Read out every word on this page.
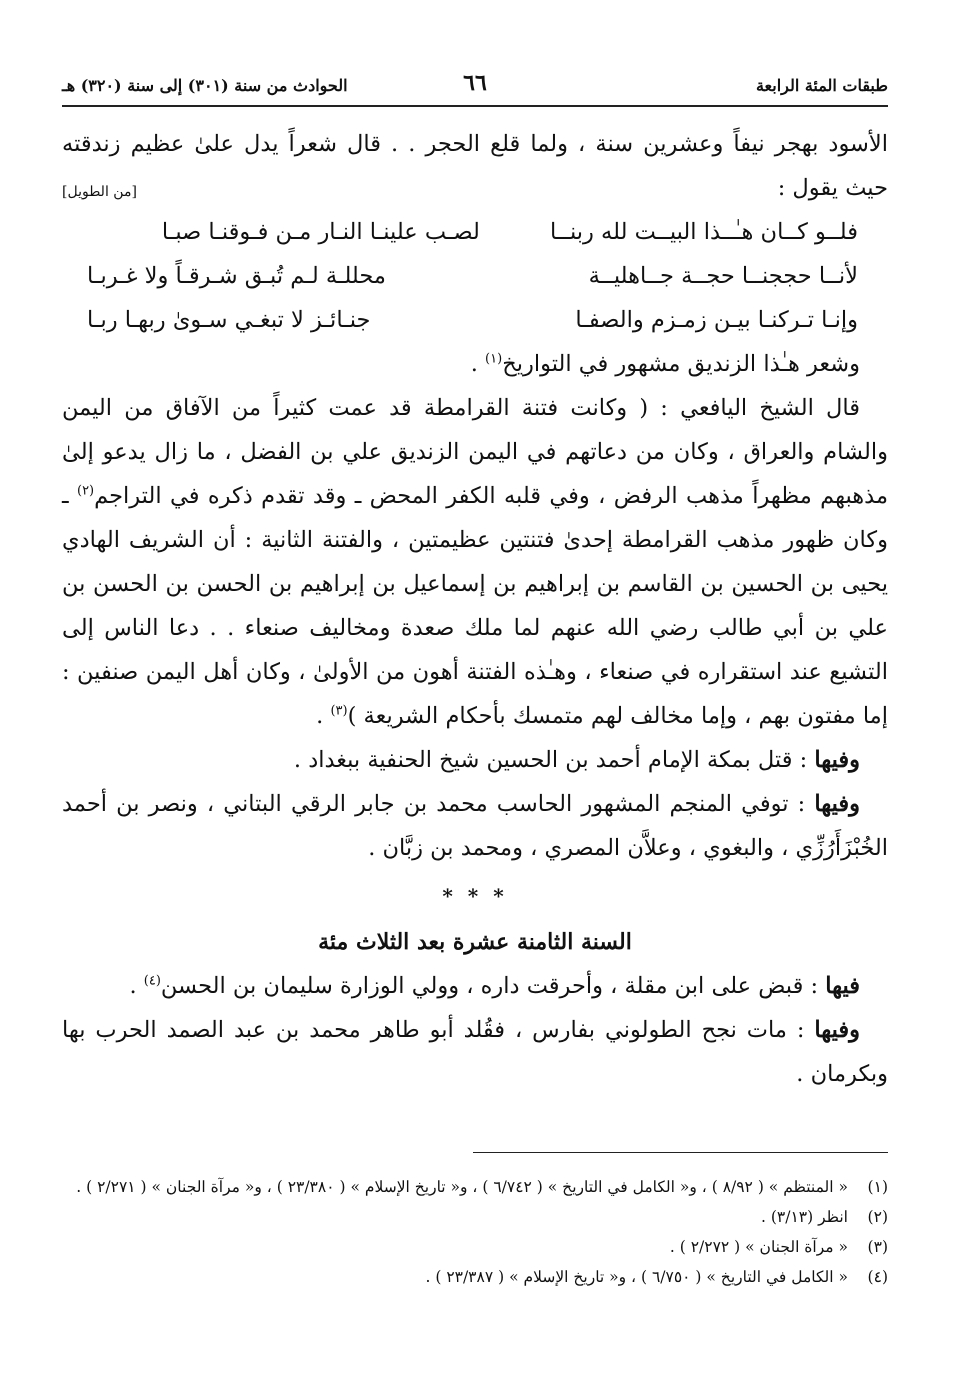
طبقات المئة الرابعة
٦٦
الحوادث من سنة (٣٠١) إلى سنة (٣٢٠) هـ

الأسود بهجر نيفاً وعشرين سنة ، ولما قلع الحجر . . قال شعراً يدل علىٰ عظيم زندقته حيث يقول :
[من الطويل]

فلــو كــان هـٰــذا البيــت لله ربنــا
لصـب علينـا النـار مـن فـوقنـا صبـا
لأنــا حججنــا حجــة جــاهليــة
محللـة لـم تُبـق شـرقـاً ولا غـربـا
وإنـا تـركنـا بيـن زمـزم والصفـا
جنـائـز لا تبغـي سـوىٰ ربهـا ربـا

وشعر هـٰذا الزنديق مشهور في التواريخ$^{(١)}$ .

قال الشيخ اليافعي : ( وكانت فتنة القرامطة قد عمت كثيراً من الآفاق من اليمن والشام والعراق ، وكان من دعاتهم في اليمن الزنديق علي بن الفضل ، ما زال يدعو إلىٰ مذهبهم مظهراً مذهب الرفض ، وفي قلبه الكفر المحض ـ وقد تقدم ذكره في التراجم$^{(٢)}$ ـ وكان ظهور مذهب القرامطة إحدىٰ فتنتين عظيمتين ، والفتنة الثانية : أن الشريف الهادي يحيى بن الحسين بن القاسم بن إبراهيم بن إسماعيل بن إبراهيم بن الحسن بن الحسن بن علي بن أبي طالب رضي الله عنهم لما ملك صعدة ومخاليف صنعاء . . دعا الناس إلى التشيع عند استقراره في صنعاء ، وهـٰذه الفتنة أهون من الأولىٰ ، وكان أهل اليمن صنفين : إما مفتون بهم ، وإما مخالف لهم متمسك بأحكام الشريعة )$^{(٣)}$ .

وفيها : قتل بمكة الإمام أحمد بن الحسين شيخ الحنفية ببغداد .

وفيها : توفي المنجم المشهور الحاسب محمد بن جابر الرقي البتاني ، ونصر بن أحمد الخُبْزَأَرُزِّي ، والبغوي ، وعلاَّن المصري ، ومحمد بن زبَّان .

* * *
السنة الثامنة عشرة بعد الثلاث مئة

فيها : قبض على ابن مقلة ، وأحرقت داره ، وولي الوزارة سليمان بن الحسن$^{(٤)}$ .

وفيها : مات نجح الطولوني بفارس ، فقُلد أبو طاهر محمد بن عبد الصمد الحرب بها وبكرمان .

(١)
« المنتظم » ( ٨/٩٢ ) ، و« الكامل في التاريخ » ( ٦/٧٤٢ ) ، و« تاريخ الإسلام » ( ٢٣/٣٨٠ ) ، و« مرآة الجنان » ( ٢/٢٧١ ) .
(٢)
انظر (٣/١٣) .
(٣)
« مرآة الجنان » ( ٢/٢٧٢ ) .
(٤)
« الكامل في التاريخ » ( ٦/٧٥٠ ) ، و« تاريخ الإسلام » ( ٢٣/٣٨٧ ) .
